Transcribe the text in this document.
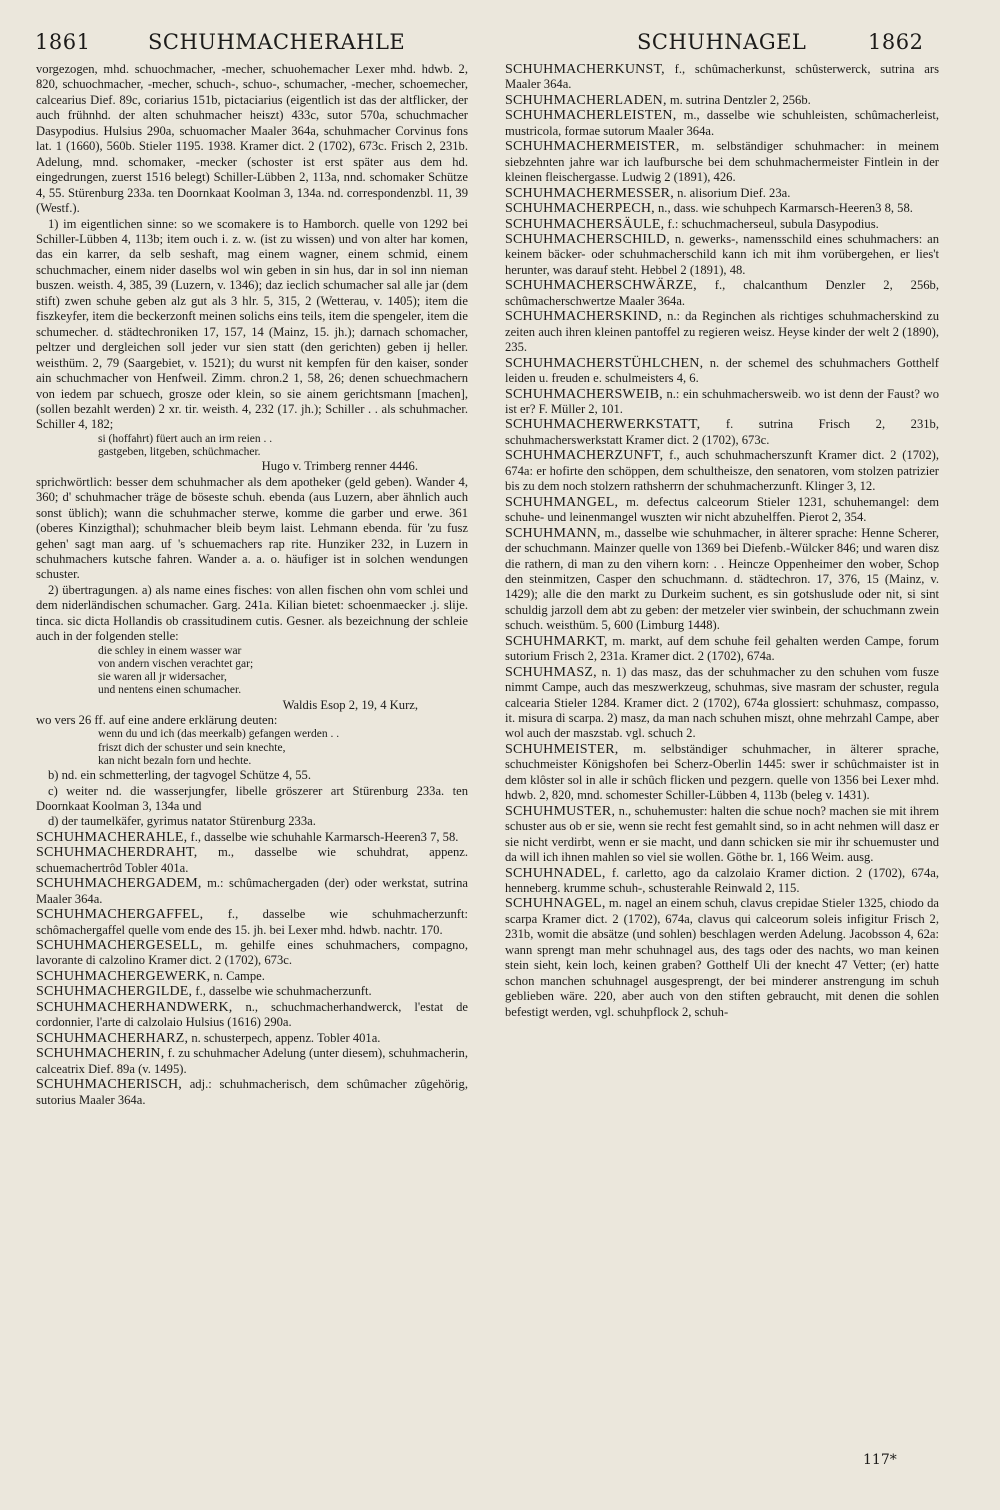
1861	SCHUHMACHERAHLE	SCHUHNAGEL	1862

vorgezogen, mhd. schuochmacher, -mecher, schuohemacher Lexer mhd. hdwb. 2, 820, schuochmacher, -mecher, schuch-, schuo-, schumacher, -mecher, schoemecher, calcearius Dief. 89c, coriarius 151b, pictaciarius (eigentlich ist das der altflicker, der auch frühnhd. der alten schuhmacher heiszt) 433c, sutor 570a, schuchmacher Dasypodius. Hulsius 290a, schuomacher Maaler 364a, schuhmacher Corvinus fons lat. 1 (1660), 560b. Stieler 1195. 1938. Kramer dict. 2 (1702), 673c. Frisch 2, 231b. Adelung, mnd. schomaker, -mecker (schoster ist erst später aus dem hd. eingedrungen, zuerst 1516 belegt) Schiller-Lübben 2, 113a, nnd. schomaker Schütze 4, 55. Stürenburg 233a. ten Doornkaat Koolman 3, 134a. nd. correspondenzbl. 11, 39 (Westf.).

1) im eigentlichen sinne: so we scomakere is to Hamborch. quelle von 1292 bei Schiller-Lübben 4, 113b; item ouch i. z. w. (ist zu wissen) und von alter har komen, das ein karrer, da selb seshaft, mag einem wagner, einem schmid, einem schuchmacher, einem nider daselbs wol win geben in sin hus, dar in sol inn nieman buszen. weisth. 4, 385, 39 (Luzern, v. 1346); daz ieclich schumacher sal alle jar (dem stift) zwen schuhe geben alz gut als 3 hlr. 5, 315, 2 (Wetterau, v. 1405); item die fiszkeyfer, item die beckerzonft meinen solichs eins teils, item die spengeler, item die schumecher. d. städtechroniken 17, 157, 14 (Mainz, 15. jh.); darnach schomacher, peltzer und dergleichen soll jeder vur sien statt (den gerichten) geben ij heller. weisthüm. 2, 79 (Saargebiet, v. 1521); du wurst nit kempfen für den kaiser, sonder ain schuchmacher von Henfweil. Zimm. chron.2 1, 58, 26; denen schuechmachern von iedem par schuech, grosze oder klein, so sie ainem gerichtsmann [machen], (sollen bezahlt werden) 2 xr. tir. weisth. 4, 232 (17. jh.); Schiller . . als schuhmacher. Schiller 4, 182;

si (hoffahrt) füert auch an irm reien . .
gastgeben, litgeben, schüchmacher.

Hugo v. Trimberg renner 4446.

sprichwörtlich: besser dem schuhmacher als dem apotheker (geld geben). Wander 4, 360; d' schuhmacher träge de böseste schuh. ebenda (aus Luzern, aber ähnlich auch sonst üblich); wann die schuhmacher sterwe, komme die garber und erwe. 361 (oberes Kinzigthal); schuhmacher bleib beym laist. Lehmann ebenda. für 'zu fusz gehen' sagt man aarg. uf 's schuemachers rap rite. Hunziker 232, in Luzern in schuhmachers kutsche fahren. Wander a. a. o. häufiger ist in solchen wendungen schuster.

2) übertragungen. a) als name eines fisches: von allen fischen ohn vom schlei und dem niderländischen schumacher. Garg. 241a. Kilian bietet: schoenmaecker .j. slije. tinca. sic dicta Hollandis ob crassitudinem cutis. Gesner. als bezeichnung der schleie auch in der folgenden stelle:

die schley in einem wasser war
von andern vischen verachtet gar;
sie waren all jr widersacher,
und nentens einen schumacher.

Waldis Esop 2, 19, 4 Kurz,

wo vers 26 ff. auf eine andere erklärung deuten:

wenn du und ich (das meerkalb) gefangen werden . .
friszt dich der schuster und sein knechte,
kan nicht bezaln forn und hechte.

b) nd. ein schmetterling, der tagvogel Schütze 4, 55.

c) weiter nd. die wasserjungfer, libelle gröszerer art Stürenburg 233a. ten Doornkaat Koolman 3, 134a und

d) der taumelkäfer, gyrimus natator Stürenburg 233a.

SCHUHMACHERAHLE, f., dasselbe wie schuhahle Karmarsch-Heeren3 7, 58.

SCHUHMACHERDRAHT, m., dasselbe wie schuhdrat, appenz. schuemachertrôd Tobler 401a.

SCHUHMACHERGADEM, m.: schûmachergaden (der) oder werkstat, sutrina Maaler 364a.

SCHUHMACHERGAFFEL, f., dasselbe wie schuhmacherzunft: schômachergaffel quelle vom ende des 15. jh. bei Lexer mhd. hdwb. nachtr. 170.

SCHUHMACHERGESELL, m. gehilfe eines schuhmachers, compagno, lavorante di calzolino Kramer dict. 2 (1702), 673c.

SCHUHMACHERGEWERK, n. Campe.

SCHUHMACHERGILDE, f., dasselbe wie schuhmacherzunft.

SCHUHMACHERHANDWERK, n., schuchmacherhandwerck, l'estat de cordonnier, l'arte di calzolaio Hulsius (1616) 290a.

SCHUHMACHERHARZ, n. schusterpech, appenz. Tobler 401a.

SCHUHMACHERIN, f. zu schuhmacher Adelung (unter diesem), schuhmacherin, calceatrix Dief. 89a (v. 1495).

SCHUHMACHERISCH, adj.: schuhmacherisch, dem schûmacher zûgehörig, sutorius Maaler 364a.

SCHUHMACHERKUNST, f., schûmacherkunst, schûsterwerck, sutrina ars Maaler 364a.

SCHUHMACHERLADEN, m. sutrina Dentzler 2, 256b.

SCHUHMACHERLEISTEN, m., dasselbe wie schuhleisten, schûmacherleist, mustricola, formae sutorum Maaler 364a.

SCHUHMACHERMEISTER, m. selbständiger schuhmacher: in meinem siebzehnten jahre war ich laufbursche bei dem schuhmachermeister Fintlein in der kleinen fleischergasse. Ludwig 2 (1891), 426.

SCHUHMACHERMESSER, n. alisorium Dief. 23a.

SCHUHMACHERPECH, n., dass. wie schuhpech Karmarsch-Heeren3 8, 58.

SCHUHMACHERSÄULE, f.: schuchmacherseul, subula Dasypodius.

SCHUHMACHERSCHILD, n. gewerks-, namensschild eines schuhmachers: an keinem bäcker- oder schuhmacherschild kann ich mit ihm vorübergehen, er lies't herunter, was darauf steht. Hebbel 2 (1891), 48.

SCHUHMACHERSCHWÄRZE, f., chalcanthum Denzler 2, 256b, schûmacherschwertze Maaler 364a.

SCHUHMACHERSKIND, n.: da Reginchen als richtiges schuhmacherskind zu zeiten auch ihren kleinen pantoffel zu regieren weisz. Heyse kinder der welt 2 (1890), 235.

SCHUHMACHERSTÜHLCHEN, n. der schemel des schuhmachers Gotthelf leiden u. freuden e. schulmeisters 4, 6.

SCHUHMACHERSWEIB, n.: ein schuhmachersweib. wo ist denn der Faust? wo ist er? F. Müller 2, 101.

SCHUHMACHERWERKSTATT, f. sutrina Frisch 2, 231b, schuhmacherswerkstatt Kramer dict. 2 (1702), 673c.

SCHUHMACHERZUNFT, f., auch schuhmacherszunft Kramer dict. 2 (1702), 674a: er hofirte den schöppen, dem schultheisze, den senatoren, vom stolzen patrizier bis zu dem noch stolzern rathsherrn der schuhmacherzunft. Klinger 3, 12.

SCHUHMANGEL, m. defectus calceorum Stieler 1231, schuhemangel: dem schuhe- und leinenmangel wuszten wir nicht abzuhelffen. Pierot 2, 354.

SCHUHMANN, m., dasselbe wie schuhmacher, in älterer sprache: Henne Scherer, der schuchmann. Mainzer quelle von 1369 bei Diefenb.-Wülcker 846; und waren disz die rathern, di man zu den vihern korn: . . Heincze Oppenheimer den wober, Schop den steinmitzen, Casper den schuchmann. d. städtechron. 17, 376, 15 (Mainz, v. 1429); alle die den markt zu Durkeim suchent, es sin gotshuslude oder nit, si sint schuldig jarzoll dem abt zu geben: der metzeler vier swinbein, der schuchmann zwein schuch. weisthüm. 5, 600 (Limburg 1448).

SCHUHMARKT, m. markt, auf dem schuhe feil gehalten werden Campe, forum sutorium Frisch 2, 231a. Kramer dict. 2 (1702), 674a.

SCHUHMASZ, n. 1) das masz, das der schuhmacher zu den schuhen vom fusze nimmt Campe, auch das meszwerkzeug, schuhmas, sive masram der schuster, regula calcearia Stieler 1284. Kramer dict. 2 (1702), 674a glossiert: schuhmasz, compasso, it. misura di scarpa. 2) masz, da man nach schuhen miszt, ohne mehrzahl Campe, aber wol auch der maszstab. vgl. schuch 2.

SCHUHMEISTER, m. selbständiger schuhmacher, in älterer sprache, schuchmeister Königshofen bei Scherz-Oberlin 1445: swer ir schûchmaister ist in dem klôster sol in alle ir schûch flicken und pezgern. quelle von 1356 bei Lexer mhd. hdwb. 2, 820, mnd. schomester Schiller-Lübben 4, 113b (beleg v. 1431).

SCHUHMUSTER, n., schuhemuster: halten die schue noch? machen sie mit ihrem schuster aus ob er sie, wenn sie recht fest gemahlt sind, so in acht nehmen will dasz er sie nicht verdirbt, wenn er sie macht, und dann schicken sie mir ihr schuemuster und da will ich ihnen mahlen so viel sie wollen. Göthe br. 1, 166 Weim. ausg.

SCHUHNADEL, f. carletto, ago da calzolaio Kramer diction. 2 (1702), 674a, henneberg. krumme schuh-, schusterahle Reinwald 2, 115.

SCHUHNAGEL, m. nagel an einem schuh, clavus crepidae Stieler 1325, chiodo da scarpa Kramer dict. 2 (1702), 674a, clavus qui calceorum soleis infigitur Frisch 2, 231b, womit die absätze (und sohlen) beschlagen werden Adelung. Jacobsson 4, 62a: wann sprengt man mehr schuhnagel aus, des tags oder des nachts, wo man keinen stein sieht, kein loch, keinen graben? Gotthelf Uli der knecht 47 Vetter; (er) hatte schon manchen schuhnagel ausgesprengt, der bei minderer anstrengung im schuh geblieben wäre. 220, aber auch von den stiften gebraucht, mit denen die sohlen befestigt werden, vgl. schuhpflock 2, schuh-

117*
